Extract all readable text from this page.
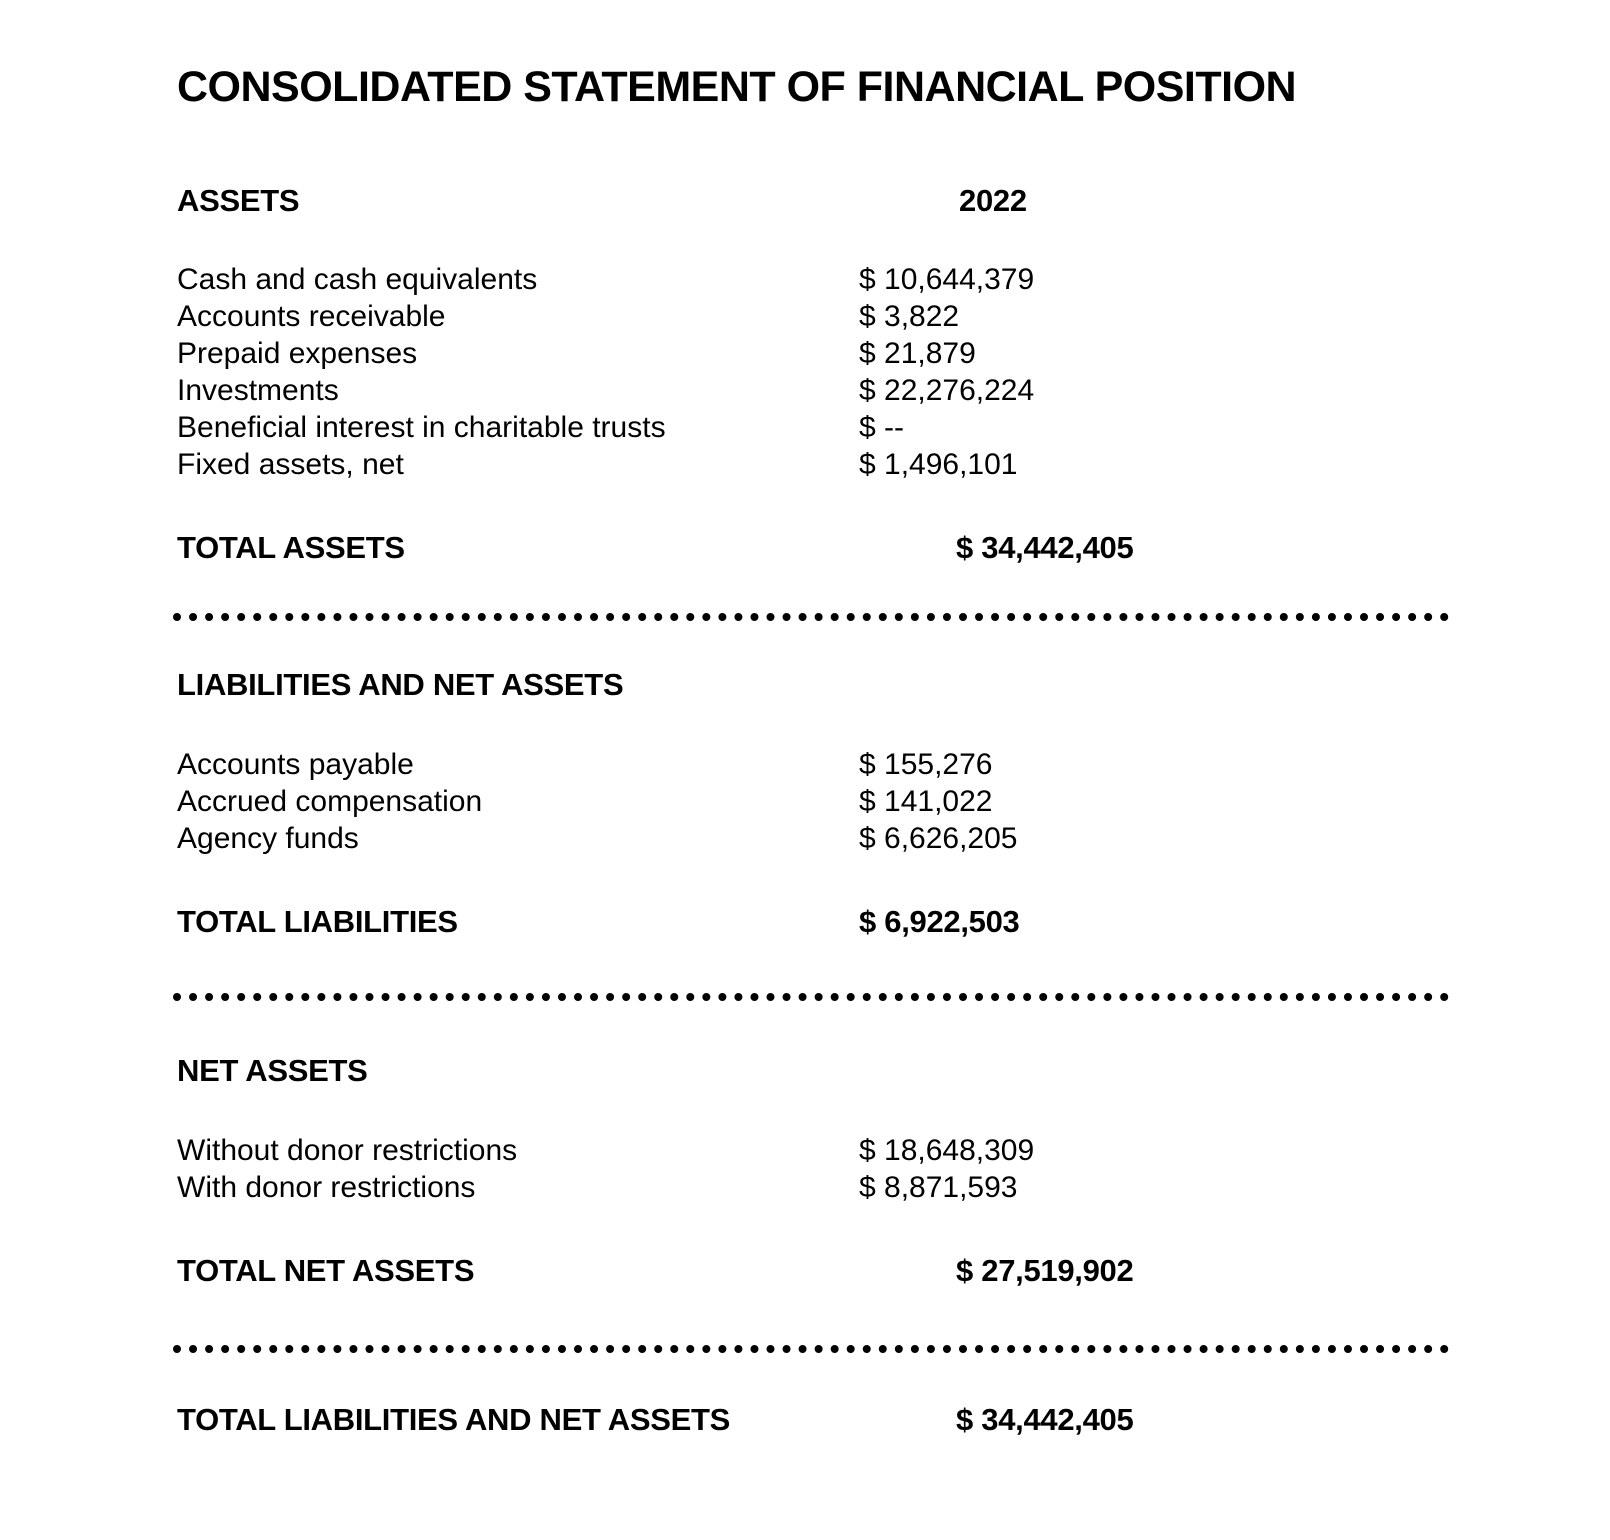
CONSOLIDATED STATEMENT OF FINANCIAL POSITION
ASSETS	2022
Cash and cash equivalents	$ 10,644,379
Accounts receivable	$ 3,822
Prepaid expenses	$ 21,879
Investments	$ 22,276,224
Beneficial interest in charitable trusts	$ --
Fixed assets, net	$ 1,496,101
TOTAL ASSETS	$ 34,442,405
LIABILITIES AND NET ASSETS
Accounts payable	$ 155,276
Accrued compensation	$ 141,022
Agency funds	$ 6,626,205
TOTAL LIABILITIES	$ 6,922,503
NET ASSETS
Without donor restrictions	$ 18,648,309
With donor restrictions	$ 8,871,593
TOTAL NET ASSETS	$ 27,519,902
TOTAL LIABILITIES AND NET ASSETS	$ 34,442,405
